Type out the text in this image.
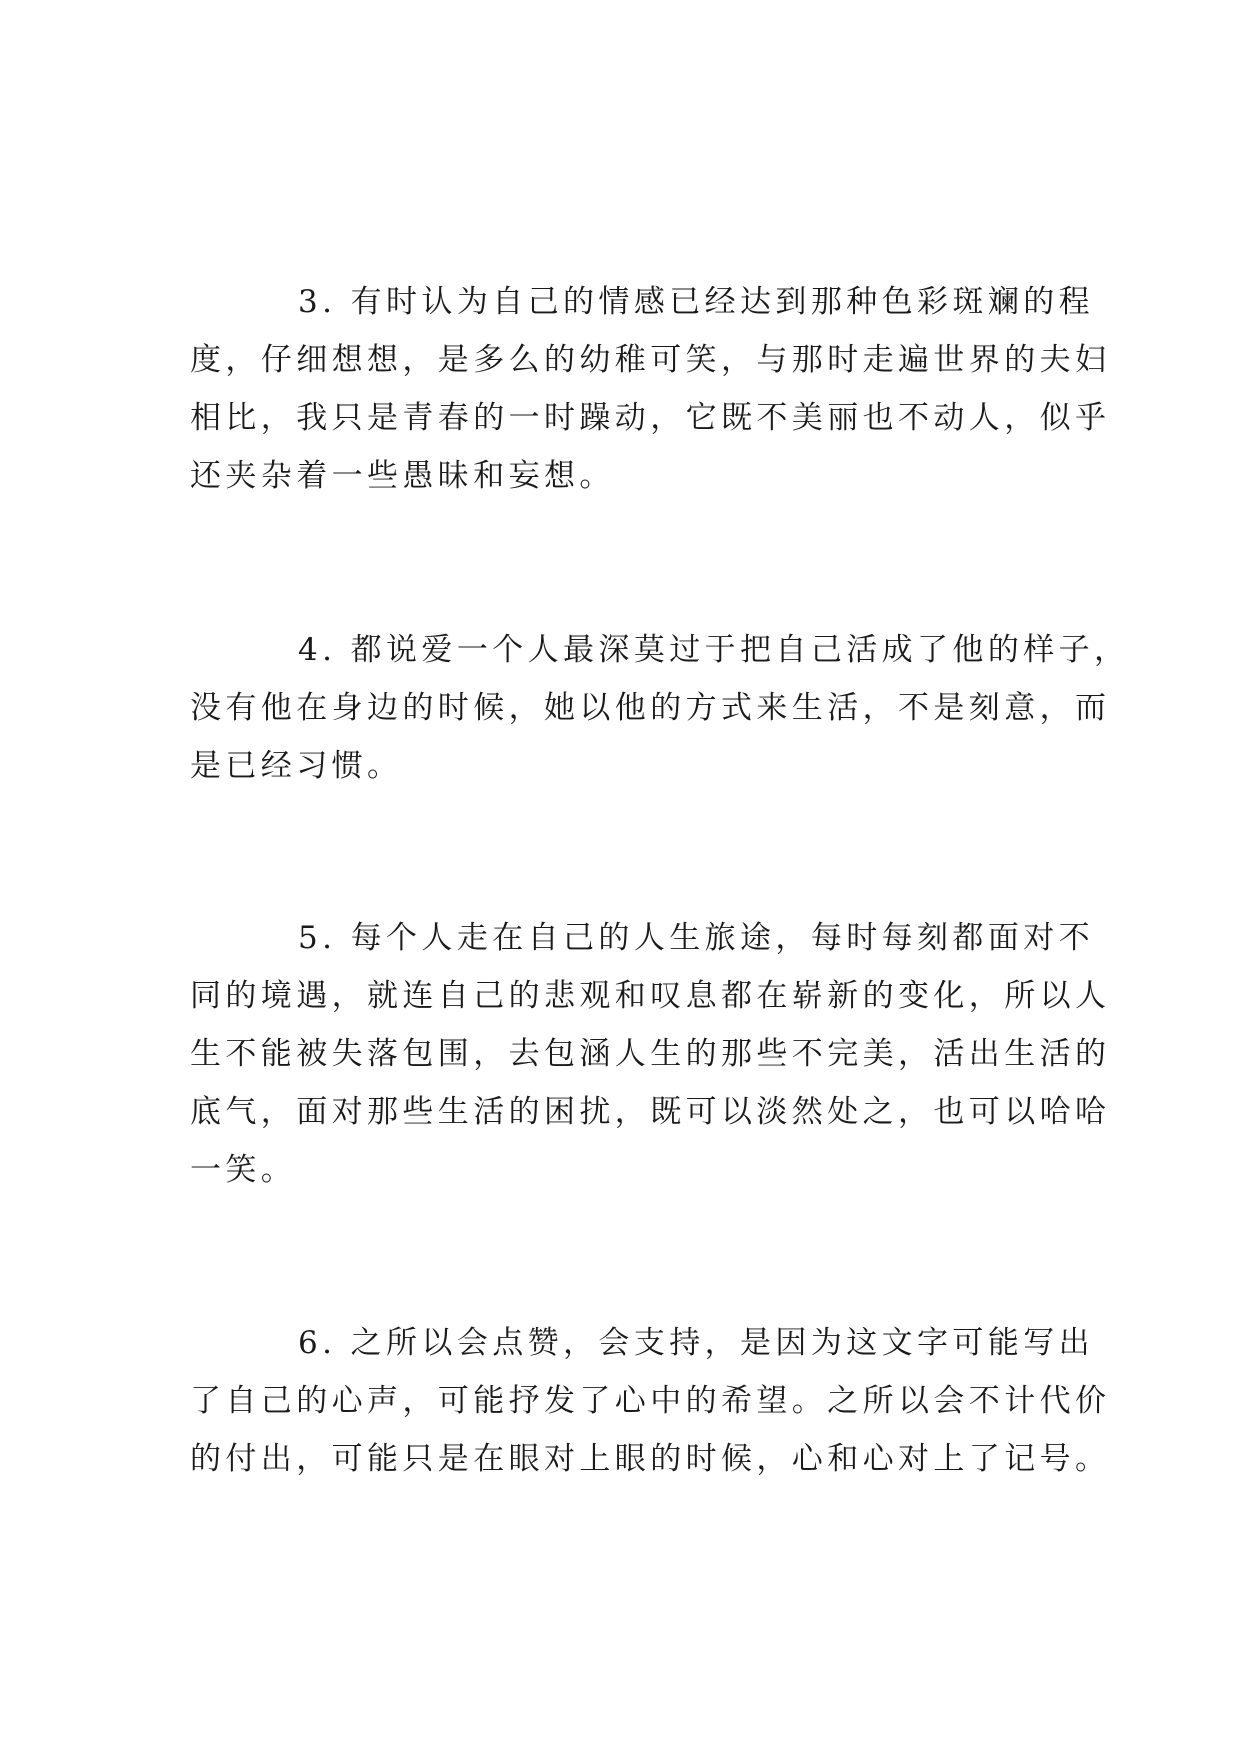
3. 有时认为自己的情感已经达到那种色彩斑斓的程
度，仔细想想，是多么的幼稚可笑，与那时走遍世界的夫妇
相比，我只是青春的一时躁动，它既不美丽也不动人，似乎
还夹杂着一些愚昧和妄想。
4. 都说爱一个人最深莫过于把自己活成了他的样子，
没有他在身边的时候，她以他的方式来生活，不是刻意，而
是已经习惯。
5. 每个人走在自己的人生旅途，每时每刻都面对不
同的境遇，就连自己的悲观和叹息都在崭新的变化，所以人
生不能被失落包围，去包涵人生的那些不完美，活出生活的
底气，面对那些生活的困扰，既可以淡然处之，也可以哈哈
一笑。
6. 之所以会点赞，会支持，是因为这文字可能写出
了自己的心声，可能抒发了心中的希望。之所以会不计代价
的付出，可能只是在眼对上眼的时候，心和心对上了记号。
